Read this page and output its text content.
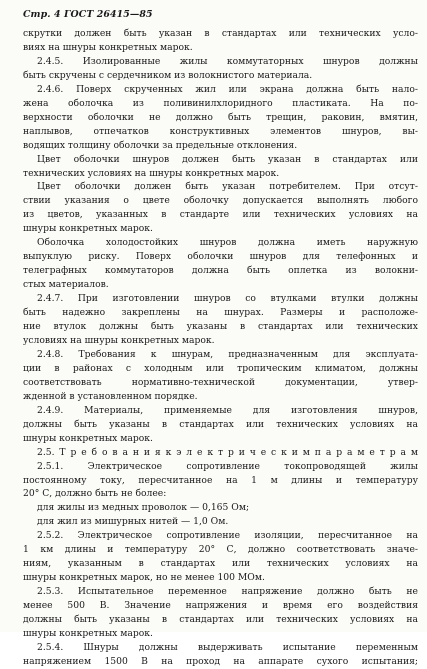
Стр. 4 ГОСТ 26415—85
скрутки должен быть указан в стандартах или технических усло-
виях на шнуры конкретных марок.
2.4.5. Изолированные жилы коммутаторных шнуров должны
быть скручены с сердечником из волокнистого материала.
2.4.6. Поверх скрученных жил или экрана должна быть нало-
жена оболочка из поливинилхлоридного пластиката. На по-
верхности оболочки не должно быть трещин, раковин, вмятин,
наплывов, отпечатков конструктивных элементов шнуров, вы-
водящих толщину оболочки за предельные отклонения.
Цвет оболочки шнуров должен быть указан в стандартах или
технических условиях на шнуры конкретных марок.
Цвет оболочки должен быть указан потребителем. При отсут-
ствии указания о цвете оболочку допускается выполнять любого
из цветов, указанных в стандарте или технических условиях на
шнуры конкретных марок.
Оболочка холодостойких шнуров должна иметь наружную
выпуклую риску. Поверх оболочки шнуров для телефонных и
телеграфных коммутаторов должна быть оплетка из волокни-
стых материалов.
2.4.7. При изготовлении шнуров со втулками втулки должны
быть надежно закреплены на шнурах. Размеры и расположе-
ние втулок должны быть указаны в стандартах или технических
условиях на шнуры конкретных марок.
2.4.8. Требования к шнурам, предназначенным для эксплуата-
ции в районах с холодным или тропическим климатом, должны
соответствовать нормативно-технической документации, утвер-
жденной в установленном порядке.
2.4.9. Материалы, применяемые для изготовления шнуров,
должны быть указаны в стандартах или технических условиях на
шнуры конкретных марок.
2.5. Т р е б о в а н и я к э л е к т р и ч е с к и м п а р а м е т р а м
2.5.1. Электрическое сопротивление токопроводящей жилы
постоянному току, пересчитанное на 1 м длины и температуру
20° С, должно быть не более:
для жилы из медных проволок — 0,165 Ом;
для жил из мишурных нитей — 1,0 Ом.
2.5.2. Электрическое сопротивление изоляции, пересчитанное на
1 км длины и температуру 20° С, должно соответствовать значе-
ниям, указанным в стандартах или технических условиях на
шнуры конкретных марок, но не менее 100 МОм.
2.5.3. Испытательное переменное напряжение должно быть не
менее 500 В. Значение напряжения и время его воздействия
должны быть указаны в стандартах или технических условиях на
шнуры конкретных марок.
2.5.4. Шнуры должны выдерживать испытание переменным
напряжением 1500 В на проход на аппарате сухого испытания;
